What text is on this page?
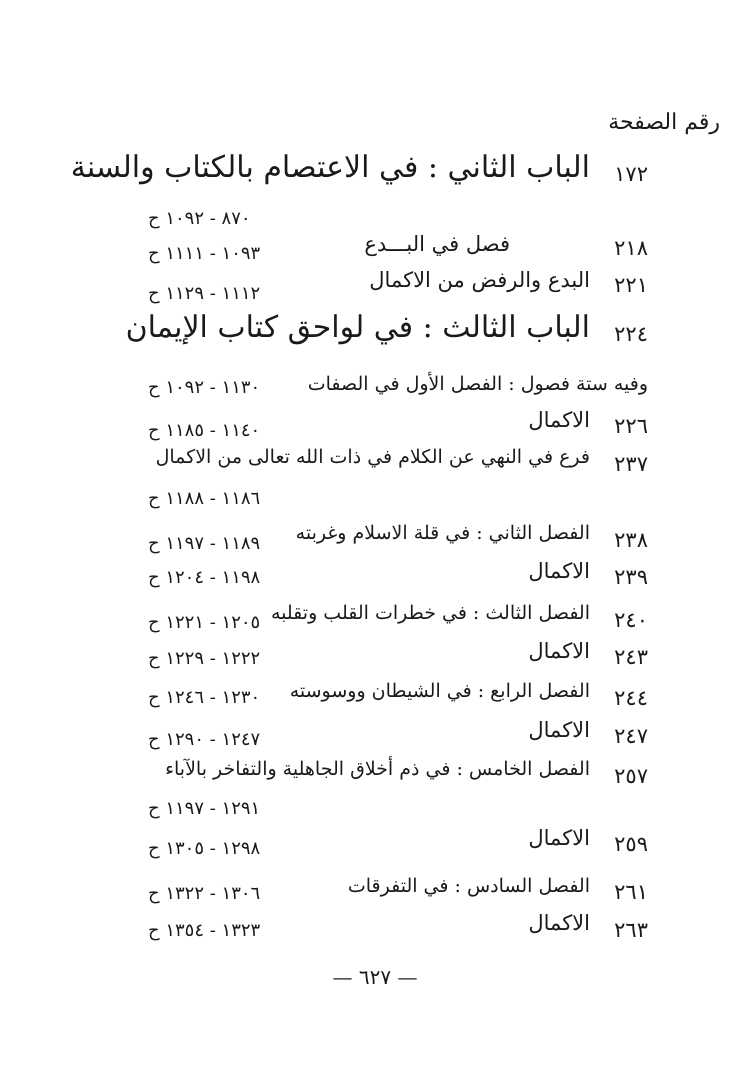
رقم الصفحة
١٧٢
الباب الثاني : في الاعتصام بالكتاب والسنة
٨٧٠ - ١٠٩٢ ح
٢١٨
فصل في البـــدع
١٠٩٣ - ١١١١ ح
٢٢١
البدع والرفض من الاكمال
١١١٢ - ١١٢٩ ح
٢٢٤
الباب الثالث : في لواحق كتاب الإيمان
وفيه ستة فصول : الفصل الأول في الصفات
١١٣٠ - ١٠٩٢ ح
٢٢٦
الاكمال
١١٤٠ - ١١٨٥ ح
٢٣٧
فرع في النهي عن الكلام في ذات الله تعالى من الاكمال
١١٨٦ - ١١٨٨ ح
٢٣٨
الفصل الثاني : في قلة الاسلام وغربته
١١٨٩ - ١١٩٧ ح
٢٣٩
الاكمال
١١٩٨ - ١٢٠٤ ح
٢٤٠
الفصل الثالث : في خطرات القلب وتقلبه
١٢٠٥ - ١٢٢١ ح
٢٤٣
الاكمال
١٢٢٢ - ١٢٢٩ ح
٢٤٤
الفصل الرابع : في الشيطان ووسوسته
١٢٣٠ - ١٢٤٦ ح
٢٤٧
الاكمال
١٢٤٧ - ١٢٩٠ ح
٢٥٧
الفصل الخامس : في ذم أخلاق الجاهلية والتفاخر بالآباء
١٢٩١ - ١١٩٧ ح
٢٥٩
الاكمال
١٢٩٨ - ١٣٠٥ ح
٢٦١
الفصل السادس : في التفرقات
١٣٠٦ - ١٣٢٢ ح
٢٦٣
الاكمال
١٣٢٣ - ١٣٥٤ ح
— ٦٢٧ —
